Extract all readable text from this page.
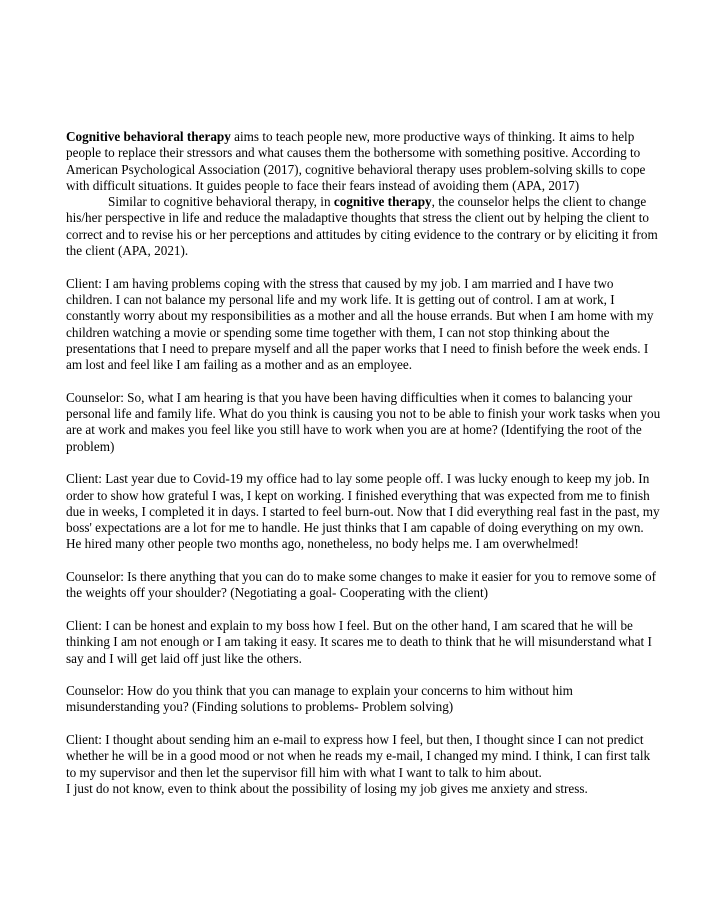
Cognitive behavioral therapy aims to teach people new, more productive ways of thinking. It aims to help people to replace their stressors and what causes them the bothersome with something positive. According to American Psychological Association (2017), cognitive behavioral therapy uses problem-solving skills to cope with difficult situations. It guides people to face their fears instead of avoiding them (APA, 2017)

Similar to cognitive behavioral therapy, in cognitive therapy, the counselor helps the client to change his/her perspective in life and reduce the maladaptive thoughts that stress the client out by helping the client to correct and to revise his or her perceptions and attitudes by citing evidence to the contrary or by eliciting it from the client (APA, 2021).

Client: I am having problems coping with the stress that caused by my job. I am married and I have two children. I can not balance my personal life and my work life. It is getting out of control. I am at work, I constantly worry about my responsibilities as a mother and all the house errands. But when I am home with my children watching a movie or spending some time together with them, I can not stop thinking about the presentations that I need to prepare myself and all the paper works that I need to finish before the week ends. I am lost and feel like I am failing as a mother and as an employee.

Counselor: So, what I am hearing is that you have been having difficulties when it comes to balancing your personal life and family life. What do you think is causing you not to be able to finish your work tasks when you are at work and makes you feel like you still have to work when you are at home? (Identifying the root of the problem)

Client: Last year due to Covid-19 my office had to lay some people off. I was lucky enough to keep my job. In order to show how grateful I was, I kept on working. I finished everything that was expected from me to finish due in weeks, I completed it in days. I started to feel burn-out. Now that I did everything real fast in the past, my boss' expectations are a lot for me to handle. He just thinks that I am capable of doing everything on my own. He hired many other people two months ago, nonetheless, no body helps me. I am overwhelmed!

Counselor: Is there anything that you can do to make some changes to make it easier for you to remove some of the weights off your shoulder? (Negotiating a goal- Cooperating with the client)

Client: I can be honest and explain to my boss how I feel. But on the other hand, I am scared that he will be thinking I am not enough or I am taking it easy. It scares me to death to think that he will misunderstand what I say and I will get laid off just like the others.

Counselor: How do you think that you can manage to explain your concerns to him without him misunderstanding you? (Finding solutions to problems- Problem solving)

Client: I thought about sending him an e-mail to express how I feel, but then, I thought since I can not predict whether he will be in a good mood or not when he reads my e-mail, I changed my mind. I think, I can first talk to my supervisor and then let the supervisor fill him with what I want to talk to him about.

I just do not know, even to think about the possibility of losing my job gives me anxiety and stress.
